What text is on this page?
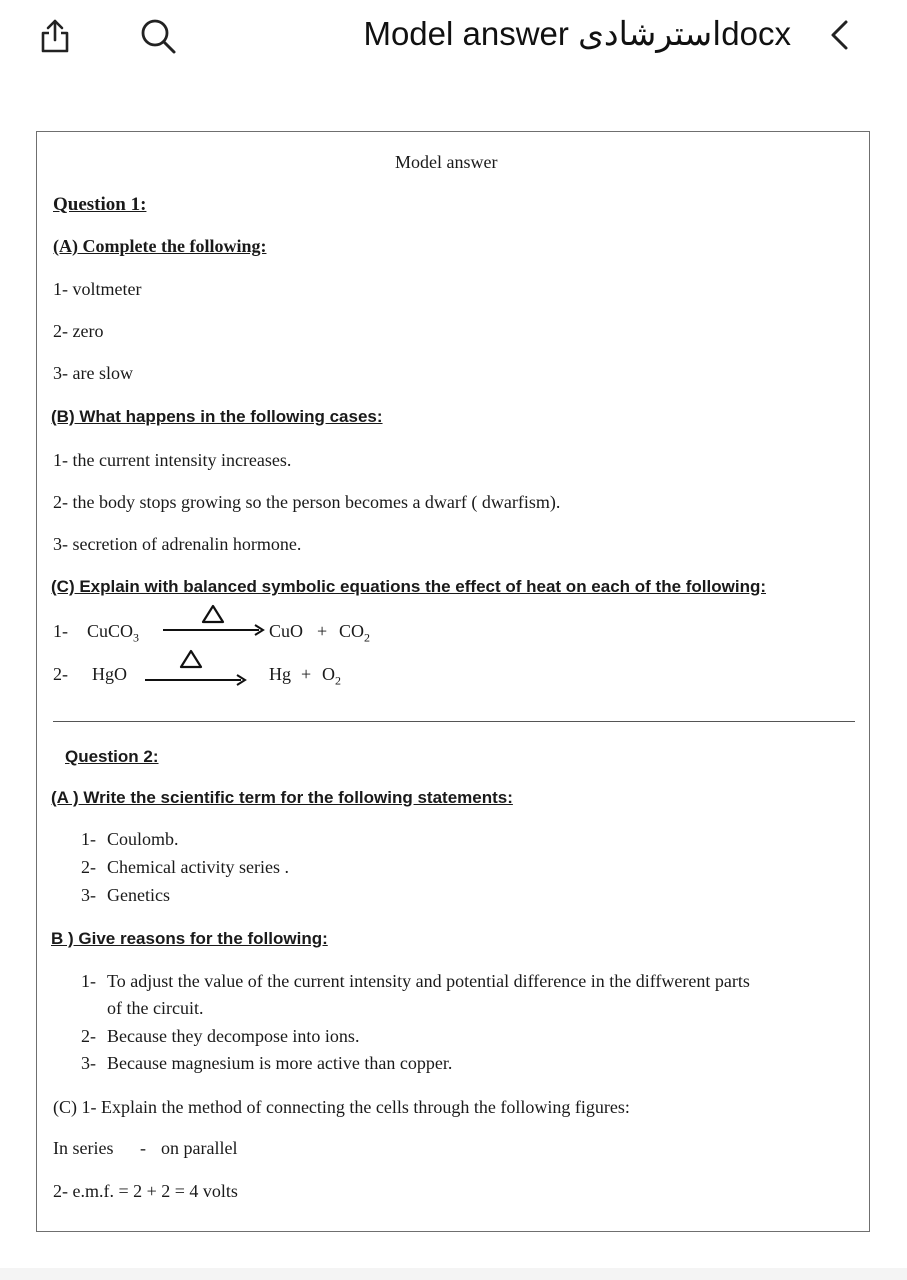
Model answer استرشادىdocx
Model answer
Question 1:
(A) Complete the following:
1- voltmeter
2- zero
3- are slow
(B) What happens in the following cases:
1- the current intensity increases.
2- the body stops growing so the person becomes a dwarf ( dwarfism).
3- secretion of adrenalin hormone.
(C) Explain with balanced symbolic equations the effect of heat on each of the following:
1- CuCO$_3$	CuO + $CO_2$
2- HgO	$Hg + O_2$
Question 2:
(A ) Write the scientific term for the following statements:
1- Coulomb.
2- Chemical activity series .
3- Genetics
B ) Give reasons for the following:
1- To adjust the value of the current intensity and potential difference in the diffwerent parts
of the circuit.
2- Because they decompose into ions.
3- Because magnesium is more active than copper.
(C) 1- Explain the method of connecting the cells through the following figures:
In series - on parallel
2- e.m.f. = 2 + 2 = 4 volts
